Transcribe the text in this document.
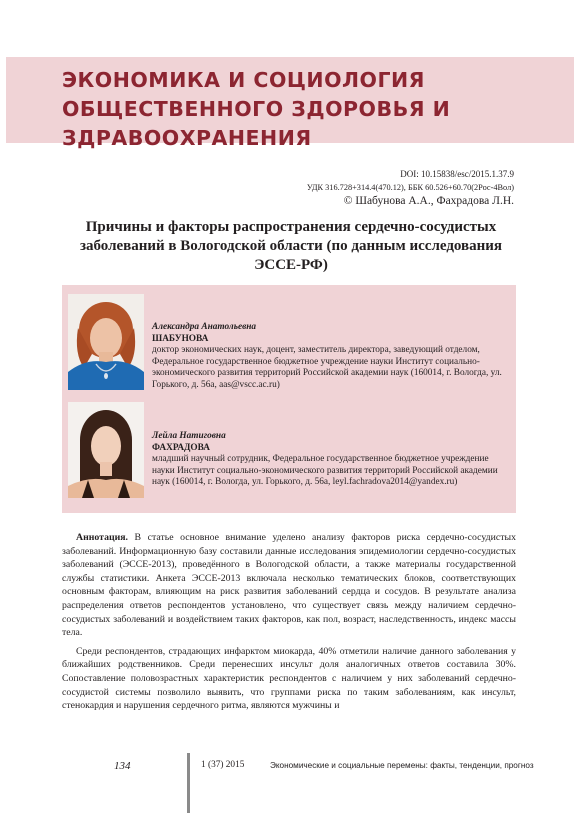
ЭКОНОМИКА И СОЦИОЛОГИЯ ОБЩЕСТВЕННОГО ЗДОРОВЬЯ И ЗДРАВООХРАНЕНИЯ
DOI: 10.15838/esc/2015.1.37.9
УДК 316.728+314.4(470.12), ББК 60.526+60.70(2Рос-4Вол)
© Шабунова А.А., Фахрадова Л.Н.
Причины и факторы распространения сердечно-сосудистых заболеваний в Вологодской области (по данным исследования ЭССЕ-РФ)
Александра Анатольевна
ШАБУНОВА
доктор экономических наук, доцент, заместитель директора, заведующий отделом, Федеральное государственное бюджетное учреждение науки Институт социально-экономического развития территорий Российской академии наук (160014, г. Вологда, ул. Горького, д. 56а, aas@vscc.ac.ru)
Лейла Натиговна
ФАХРАДОВА
младший научный сотрудник, Федеральное государственное бюджетное учреждение науки Институт социально-экономического развития территорий Российской академии наук (160014, г. Вологда, ул. Горького, д. 56а, leyl.fachradova2014@yandex.ru)

Аннотация. В статье основное внимание уделено анализу факторов риска сердечно-сосудистых заболеваний. Информационную базу составили данные исследования эпидемиологии сердечно-сосудистых заболеваний (ЭССЕ-2013), проведённого в Вологодской области, а также материалы государственной службы статистики. Анкета ЭССЕ-2013 включала несколько тематических блоков, соответствующих основным факторам, влияющим на риск развития заболеваний сердца и сосудов. В результате анализа распределения ответов респондентов установлено, что существует связь между наличием сердечно-сосудистых заболеваний и воздействием таких факторов, как пол, возраст, наследственность, индекс массы тела.

Среди респондентов, страдающих инфарктом миокарда, 40% отметили наличие данного заболевания у ближайших родственников. Среди перенесших инсульт доля аналогичных ответов составила 30%. Сопоставление половозрастных характеристик респондентов с наличием у них заболеваний сердечно-сосудистой системы позволило выявить, что группами риска по таким заболеваниям, как инсульт, стенокардия и нарушения сердечного ритма, являются мужчины и

134	1 (37) 2015	Экономические и социальные перемены: факты, тенденции, прогноз
